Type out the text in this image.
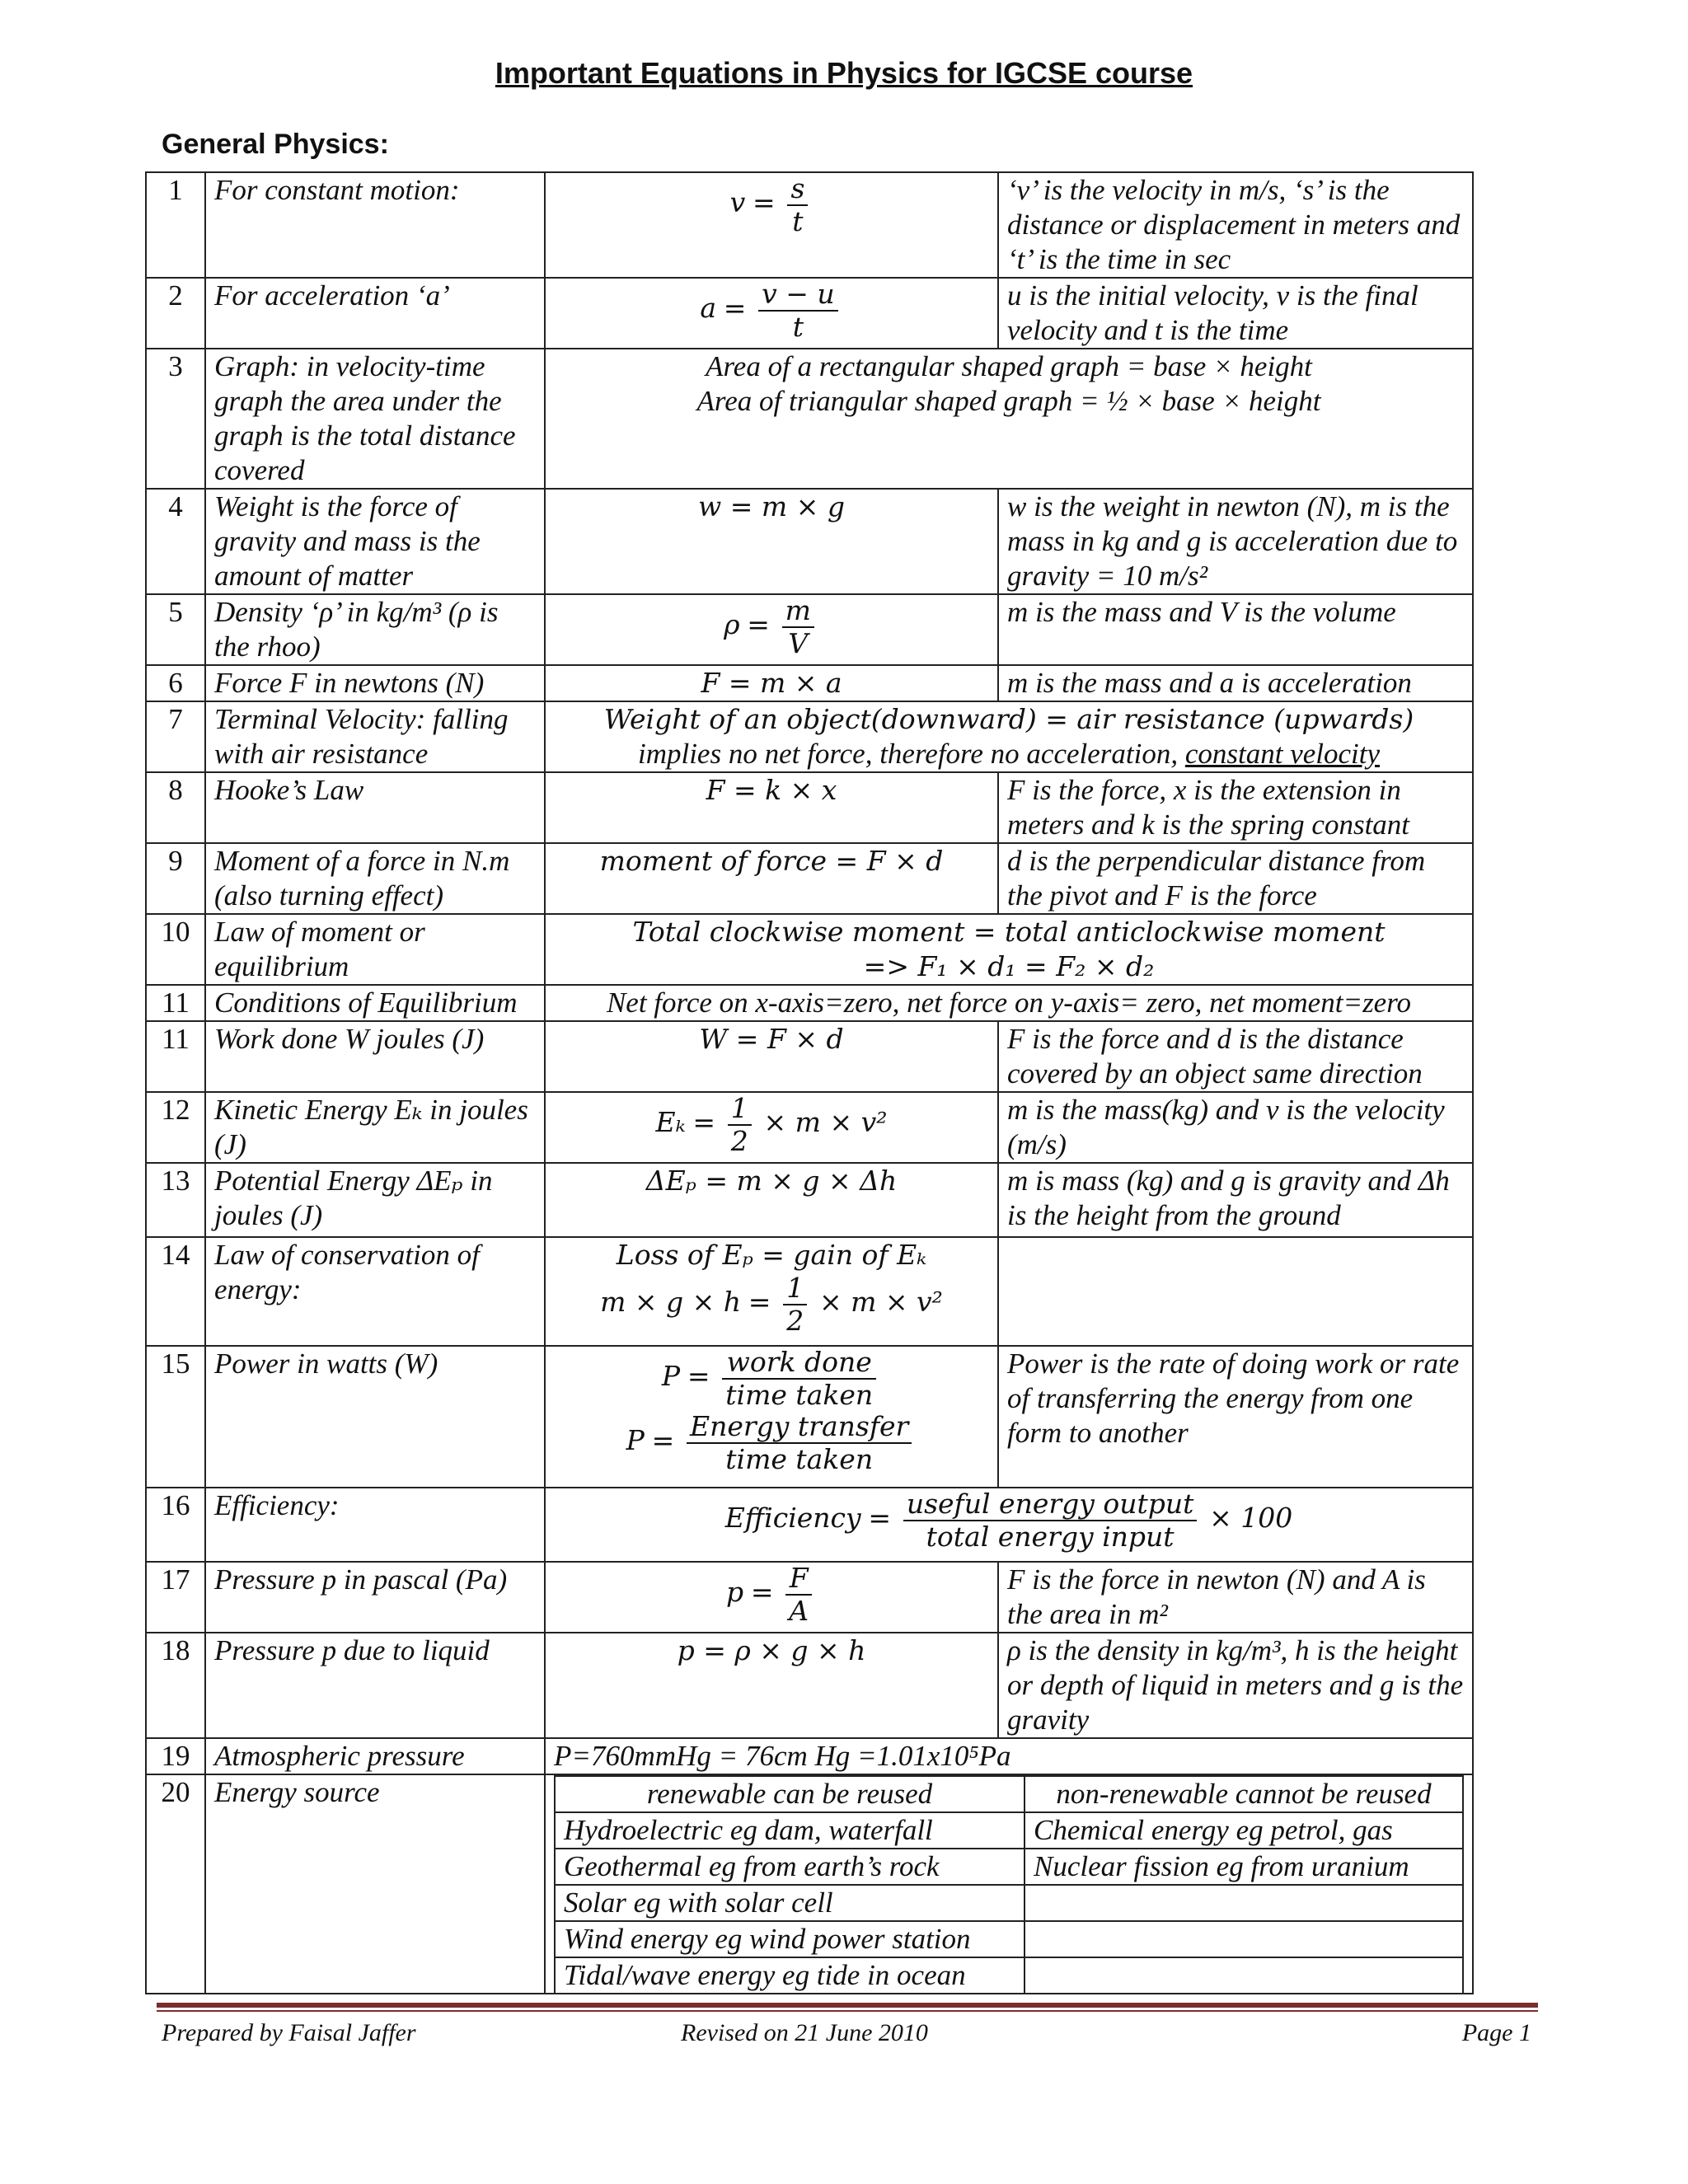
Important Equations in Physics for IGCSE course
General Physics:
1	For constant motion:	$v = \frac{s}{t}$	‘v’ is the velocity in m/s, ‘s’ is the distance or displacement in meters and ‘t’ is the time in sec
2	For acceleration ‘a’	$a = \frac{v - u}{t}$	u is the initial velocity, v is the final velocity and t is the time
3	Graph: in velocity-time graph the area under the graph is the total distance covered	
Area of a rectangular shaped graph = base × height
Area of triangular shaped graph = ½ × base × height

4	Weight is the force of gravity and mass is the amount of matter	w = m × g	w is the weight in newton (N), m is the mass in kg and g is acceleration due to gravity = 10 m/s²
5	Density ‘ρ’ in kg/m³ (ρ is the rhoo)	$\rho = \frac{m}{V}$	m is the mass and V is the volume
6	Force F in newtons (N)	F = m × a	m is the mass and a is acceleration
7	Terminal Velocity: falling with air resistance	
Weight of an object(downward) = air resistance (upwards)
implies no net force, therefore no acceleration, constant velocity

8	Hooke’s Law	F = k × x	F is the force, x is the extension in meters and k is the spring constant
9	Moment of a force in N.m (also turning effect)	moment of force = F × d	d is the perpendicular distance from the pivot and F is the force
10	Law of moment or equilibrium	
Total clockwise moment = total anticlockwise moment
=> F₁ × d₁ = F₂ × d₂

11	Conditions of Equilibrium	Net force on x-axis=zero, net force on y-axis= zero, net moment=zero
11	Work done W joules (J)	W = F × d	F is the force and d is the distance covered by an object same direction
12	Kinetic Energy Eₖ in joules (J)	$E_k = \frac{1}{2} \times m \times v^2$	m is the mass(kg) and v is the velocity (m/s)
13	Potential Energy ΔEₚ in joules (J)	ΔEₚ = m × g × Δh	m is mass (kg) and g is gravity and Δh is the height from the ground
14	Law of conservation of energy:	
Loss of Eₚ = gain of Eₖ
$m \times g \times h = \frac{1}{2} \times m \times v^2$

15	Power in watts (W)	$P = \frac{\text{work done}}{\text{time taken}}$
$P = \frac{\text{Energy transfer}}{\text{time taken}}$
	Power is the rate of doing work or rate of transferring the energy from one form to another
16	Efficiency:	Efficiency = $\frac{\text{useful energy output}}{\text{total energy input}} \times 100$
17	Pressure p in pascal (Pa)	$p = \frac{F}{A}$	F is the force in newton (N) and A is the area in m²
18	Pressure p due to liquid	p = ρ × g × h	ρ is the density in kg/m³, h is the height or depth of liquid in meters and g is the gravity
19	Atmospheric pressure	P=760mmHg = 76cm Hg =1.01x10⁵Pa
20	Energy source		renewable can be reused	non-renewable cannot be reused
Hydroelectric eg dam, waterfall	Chemical energy eg petrol, gas
Geothermal eg from earth’s rock	Nuclear fission eg from uranium
Solar eg with solar cell	
Wind energy eg wind power station	
Tidal/wave energy eg tide in ocean	
Prepared by Faisal Jaffer	Revised on 21 June 2010	Page 1
